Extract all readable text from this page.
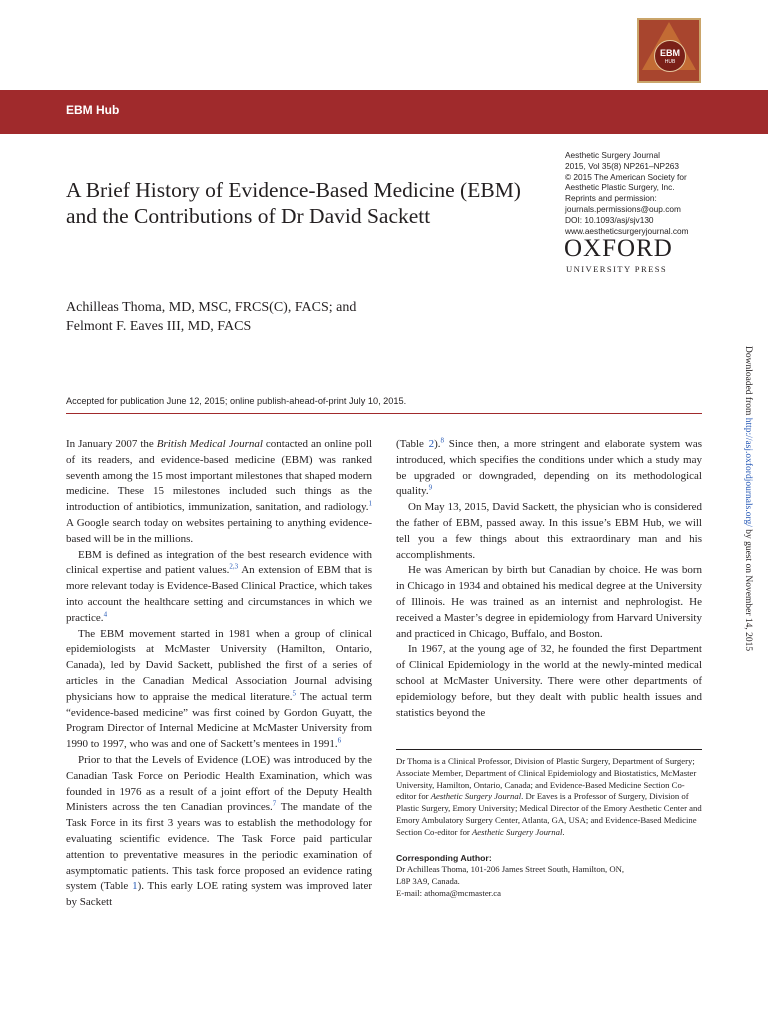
EBM
HUB
EBM Hub
Aesthetic Surgery Journal
2015, Vol 35(8) NP261–NP263
© 2015 The American Society for
Aesthetic Plastic Surgery, Inc.
Reprints and permission:
journals.permissions@oup.com
DOI: 10.1093/asj/sjv130
www.aestheticsurgeryjournal.com
OXFORD
UNIVERSITY PRESS
A Brief History of Evidence-Based Medicine (EBM) and the Contributions of Dr David Sackett
Achilleas Thoma, MD, MSC, FRCS(C), FACS; and
Felmont F. Eaves III, MD, FACS
Accepted for publication June 12, 2015; online publish-ahead-of-print July 10, 2015.

In January 2007 the British Medical Journal contacted an online poll of its readers, and evidence-based medicine (EBM) was ranked seventh among the 15 most important milestones that shaped modern medicine. These 15 milestones included such things as the introduction of antibiotics, immunization, sanitation, and radiology.$^1$ A Google search today on websites pertaining to anything evidence-based will be in the millions.

EBM is defined as integration of the best research evidence with clinical expertise and patient values.$^{2,3}$ An extension of EBM that is more relevant today is Evidence-Based Clinical Practice, which takes into account the healthcare setting and circumstances in which we practice.$^4$

The EBM movement started in 1981 when a group of clinical epidemiologists at McMaster University (Hamilton, Ontario, Canada), led by David Sackett, published the first of a series of articles in the Canadian Medical Association Journal advising physicians how to appraise the medical literature.$^5$ The actual term “evidence-based medicine” was first coined by Gordon Guyatt, the Program Director of Internal Medicine at McMaster University from 1990 to 1997, who was and one of Sackett’s mentees in 1991.$^6$

Prior to that the Levels of Evidence (LOE) was introduced by the Canadian Task Force on Periodic Health Examination, which was founded in 1976 as a result of a joint effort of the Deputy Health Ministers across the ten Canadian provinces.$^7$ The mandate of the Task Force in its first 3 years was to establish the methodology for evaluating scientific evidence. The Task Force paid particular attention to preventative measures in the periodic examination of asymptomatic patients. This task force proposed an evidence rating system (Table 1). This early LOE rating system was improved later by Sackett

(Table 2).$^8$ Since then, a more stringent and elaborate system was introduced, which specifies the conditions under which a study may be upgraded or downgraded, depending on its methodological quality.$^9$

On May 13, 2015, David Sackett, the physician who is considered the father of EBM, passed away. In this issue’s EBM Hub, we will tell you a few things about this extraordinary man and his accomplishments.

He was American by birth but Canadian by choice. He was born in Chicago in 1934 and obtained his medical degree at the University of Illinois. He was trained as an internist and nephrologist. He received a Master’s degree in epidemiology from Harvard University and practiced in Chicago, Buffalo, and Boston.

In 1967, at the young age of 32, he founded the first Department of Clinical Epidemiology in the world at the newly-minted medical school at McMaster University. There were other departments of epidemiology before, but they dealt with public health issues and statistics beyond the

Dr Thoma is a Clinical Professor, Division of Plastic Surgery, Department of Surgery; Associate Member, Department of Clinical Epidemiology and Biostatistics, McMaster University, Hamilton, Ontario, Canada; and Evidence-Based Medicine Section Co-editor for Aesthetic Surgery Journal. Dr Eaves is a Professor of Surgery, Division of Plastic Surgery, Emory University; Medical Director of the Emory Aesthetic Center and Emory Ambulatory Surgery Center, Atlanta, GA, USA; and Evidence-Based Medicine Section Co-editor for Aesthetic Surgery Journal.

Corresponding Author:

Dr Achilleas Thoma, 101-206 James Street South, Hamilton, ON,

L8P 3A9, Canada.

E-mail: athoma@mcmaster.ca

Downloaded from http://asj.oxfordjournals.org/ by guest on November 14, 2015
